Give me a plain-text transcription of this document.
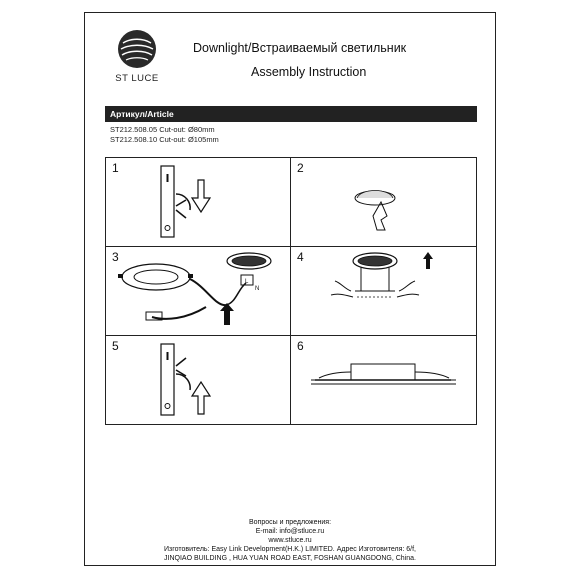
ST LUCE
Downlight/Встраиваемый светильник
Assembly Instruction
Артикул/Article
ST212.508.05 Cut-out: Ø80mm
ST212.508.10 Cut-out: Ø105mm
1	2
L
N
3	4
5	6
Вопросы и предложения:
E-mail: info@stluce.ru
www.stluce.ru
Изготовитель: Easy Link Development(H.K.) LIMITED. Адрес Изготовителя: 6/f,
JINQIAO BUILDING , HUA YUAN ROAD EAST, FOSHAN GUANGDONG, China.
